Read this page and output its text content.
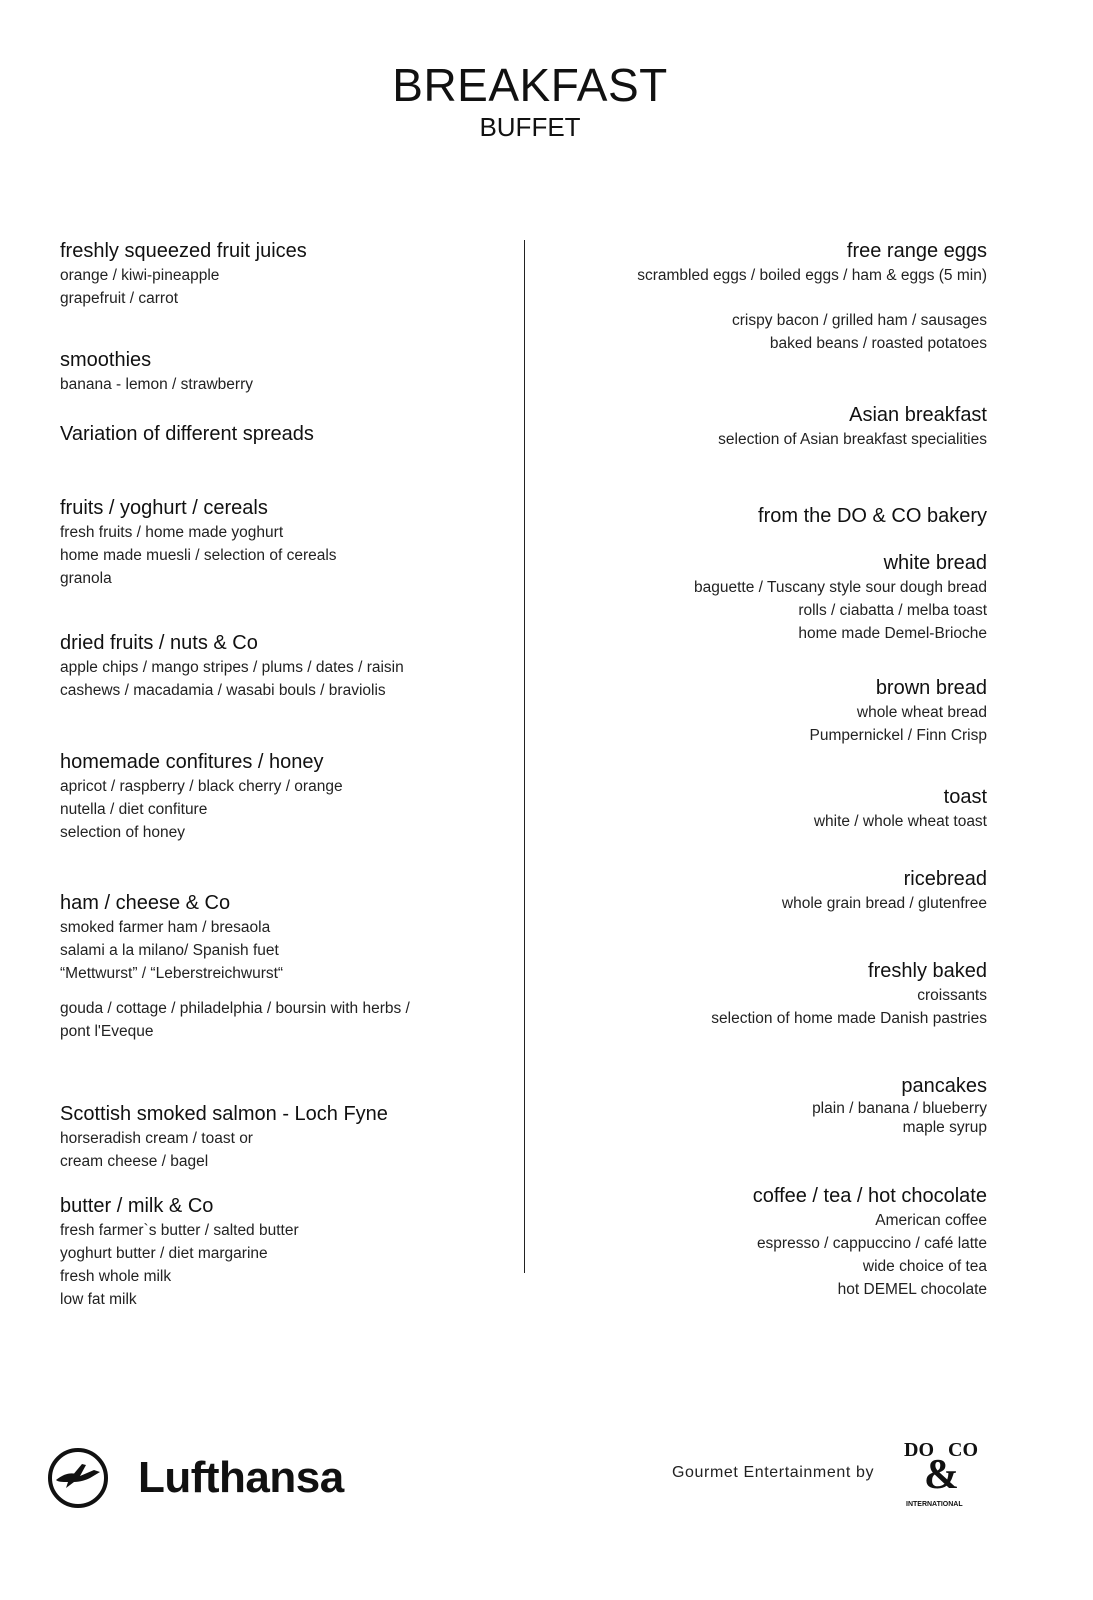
BREAKFAST
BUFFET
freshly squeezed fruit juices
orange / kiwi-pineapple
grapefruit / carrot
smoothies
banana - lemon / strawberry
Variation of different spreads
fruits / yoghurt / cereals
fresh fruits / home made yoghurt
home made muesli / selection of cereals
granola
dried fruits / nuts & Co
apple chips / mango stripes / plums / dates / raisin
cashews / macadamia / wasabi bouls / braviolis
homemade confitures / honey
apricot / raspberry / black cherry / orange
nutella / diet confiture
selection of honey
ham / cheese & Co
smoked farmer ham / bresaola
salami a la milano/ Spanish fuet
“Mettwurst” / “Leberstreichwurst“
gouda / cottage / philadelphia / boursin with herbs /
pont l'Eveque
Scottish smoked salmon - Loch Fyne
horseradish cream / toast or
cream cheese / bagel
butter / milk & Co
fresh farmer`s butter / salted butter
yoghurt butter / diet margarine
fresh whole milk
low fat milk
free range eggs
scrambled eggs / boiled eggs / ham & eggs (5 min)
crispy bacon / grilled ham / sausages
baked beans / roasted potatoes
Asian breakfast
selection of Asian breakfast specialities
from the DO & CO bakery
white bread
baguette / Tuscany style sour dough bread
rolls / ciabatta / melba toast
home made Demel-Brioche
brown bread
whole wheat bread
Pumpernickel / Finn Crisp
toast
white / whole wheat toast
ricebread
whole grain bread / glutenfree
freshly baked
croissants
selection of home made Danish pastries
pancakes
plain / banana / blueberry
maple syrup
coffee / tea / hot chocolate
American coffee
espresso / cappuccino / café latte
wide choice of tea
hot DEMEL chocolate
Lufthansa	Gourmet Entertainment by
DO CO
&
INTERNATIONAL
